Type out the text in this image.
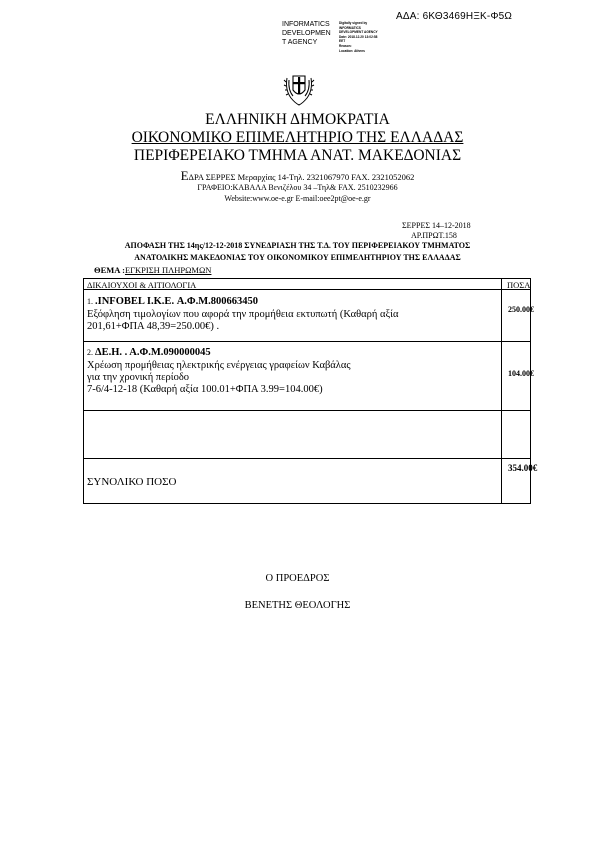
ΑΔΑ: 6ΚΘ3469ΗΞΚ-Φ5Ω
INFORMATICS
DEVELOPMEN
T AGENCY
Digitally signed by
INFORMATICS
DEVELOPMENT AGENCY
Date: 2018.12.20 13:02:58
EET
Reason:
Location: Athens
ΕΛΛΗΝΙΚΗ ΔΗΜΟΚΡΑΤΙΑ
ΟΙΚΟΝΟΜΙΚΟ ΕΠΙΜΕΛΗΤΗΡΙΟ ΤΗΣ ΕΛΛΑΔΑΣ
ΠΕΡΙΦΕΡΕΙΑΚΟ ΤΜΗΜΑ ΑΝΑΤ. ΜΑΚΕΔΟΝΙΑΣ
ΕΔΡΑ ΣΕΡΡΕΣ Μεραρχίας 14-Τηλ. 2321067970 FAX. 2321052062
ΓΡΑΦΕΙΟ:ΚΑΒΑΛΑ Βενιζέλου 34 –Τηλ& FAX. 2510232966
Website:www.oe-e.gr E-mail:oee2pt@oe-e.gr
ΣΕΡΡΕΣ 14–12-2018
ΑΡ.ΠΡΩΤ.158
ΑΠΟΦΑΣΗ ΤΗΣ 14ης/12-12-2018 ΣΥΝΕΔΡΙΑΣΗ ΤΗΣ Τ.Δ. ΤΟΥ ΠΕΡΙΦΕΡΕΙΑΚΟΥ ΤΜΗΜΑΤΟΣ
ΑΝΑΤΟΛΙΚΗΣ ΜΑΚΕΔΟΝΙΑΣ ΤΟΥ ΟΙΚΟΝΟΜΙΚΟΥ ΕΠΙΜΕΛΗΤΗΡΙΟΥ ΤΗΣ ΕΛΛΑΔΑΣ
ΘΕΜΑ :ΕΓΚΡΙΣΗ ΠΛΗΡΩΜΩΝ
ΔΙΚΑΙΟΥΧΟΙ & ΑΙΤΙΟΛΟΓΙΑ	ΠΟΣΑ
1. .INFOBEL I.K.E. Α.Φ.Μ.800663450
Εξόφληση τιμολογίων που αφορά την προμήθεια εκτυπωτή (Καθαρή αξία
201,61+ΦΠΑ 48,39=250.00€) .
250.00€
2. ΔΕ.Η. . Α.Φ.Μ.090000045
Χρέωση προμήθειας ηλεκτρικής ενέργειας γραφείων Καβάλας
για την χρονική περίοδο
7-6/4-12-18 (Καθαρή αξία 100.01+ΦΠΑ 3.99=104.00€)
104.00€
354.00€
ΣΥΝΟΛΙΚΟ ΠΟΣΟ
Ο ΠΡΟΕΔΡΟΣ
ΒΕΝΕΤΗΣ ΘΕΟΛΟΓΗΣ
